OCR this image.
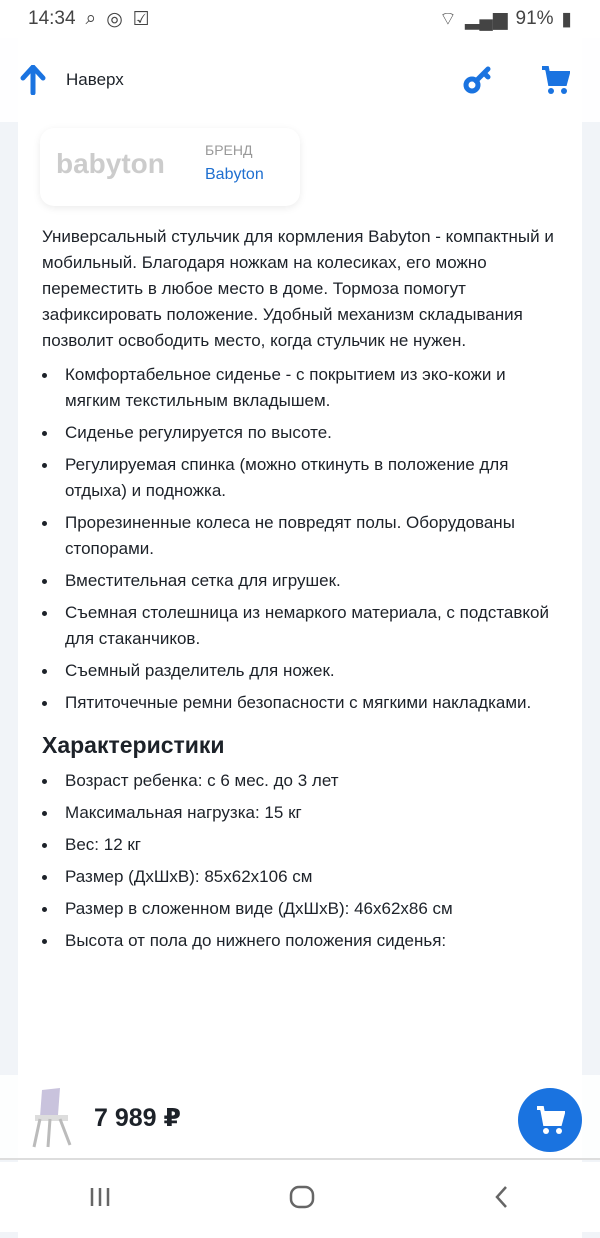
14:34 ⌕ ◎ ☑	⌔ ▂▄▆ 91% ▮
babyton	БРЕНД
Babyton
Наверх

Универсальный стульчик для кормления Babyton - компактный и мобильный. Благодаря ножкам на колесиках, его можно переместить в любое место в доме. Тормоза помогут зафиксировать положение. Удобный механизм складывания позволит освободить место, когда стульчик не нужен.

Комфортабельное сиденье - с покрытием из эко-кожи и мягким текстильным вкладышем.
Сиденье регулируется по высоте.
Регулируемая спинка (можно откинуть в положение для отдыха) и подножка.
Прорезиненные колеса не повредят полы. Оборудованы стопорами.
Вместительная сетка для игрушек.
Съемная столешница из немаркого материала, с подставкой для стаканчиков.
Съемный разделитель для ножек.
Пятиточечные ремни безопасности с мягкими накладками.
Характеристики
Возраст ребенка: с 6 мес. до 3 лет
Максимальная нагрузка: 15 кг
Вес: 12 кг
Размер (ДхШхВ): 85x62x106 см
Размер в сложенном виде (ДхШхВ): 46x62x86 см
Высота от пола до нижнего положения сиденья:
7 989 ₽
